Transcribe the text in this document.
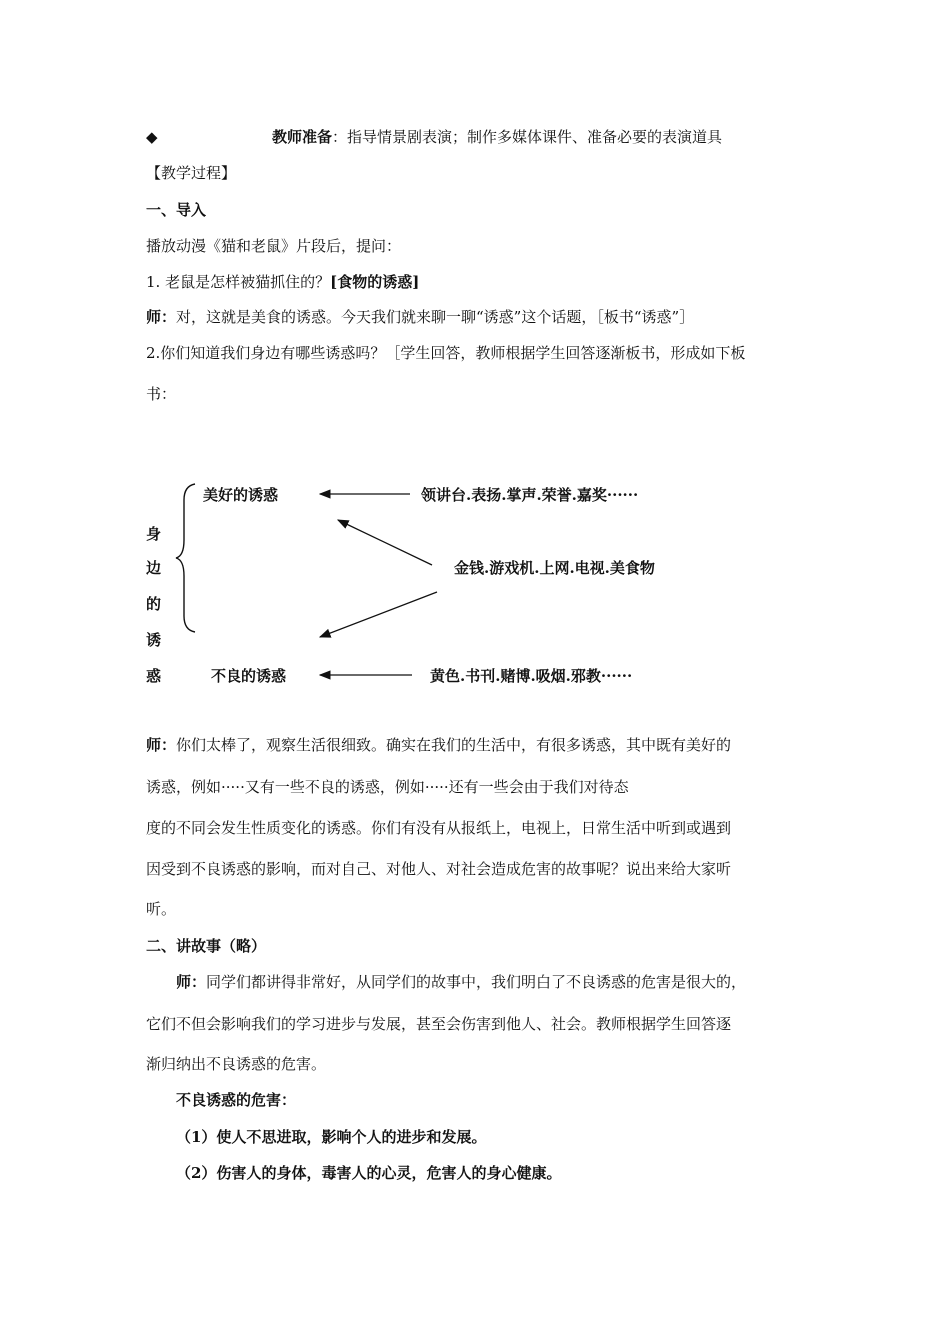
◆	教师准备：指导情景剧表演；制作多媒体课件、准备必要的表演道具
【教学过程】
一、导入
播放动漫《猫和老鼠》片段后，提问：
1. 老鼠是怎样被猫抓住的？[食物的诱惑]
师：对，这就是美食的诱惑。今天我们就来聊一聊“诱惑”这个话题，［板书“诱惑”］
2.你们知道我们身边有哪些诱惑吗？［学生回答，教师根据学生回答逐渐板书，形成如下板
书：
身
边
的
诱
惑
美好的诱惑
不良的诱惑
领讲台.表扬.掌声.荣誉.嘉奖······
金钱.游戏机.上网.电视.美食物
黄色.书刊.赌博.吸烟.邪教······
师：你们太棒了，观察生活很细致。确实在我们的生活中，有很多诱惑，其中既有美好的
诱惑，例如·····又有一些不良的诱惑，例如·····还有一些会由于我们对待态
度的不同会发生性质变化的诱惑。你们有没有从报纸上，电视上，日常生活中听到或遇到
因受到不良诱惑的影响，而对自己、对他人、对社会造成危害的故事呢？说出来给大家听
听。
二、讲故事（略）
师：同学们都讲得非常好，从同学们的故事中，我们明白了不良诱惑的危害是很大的，
它们不但会影响我们的学习进步与发展，甚至会伤害到他人、社会。教师根据学生回答逐
渐归纳出不良诱惑的危害。
不良诱惑的危害：
（1）使人不思进取，影响个人的进步和发展。
（2）伤害人的身体，毒害人的心灵，危害人的身心健康。
